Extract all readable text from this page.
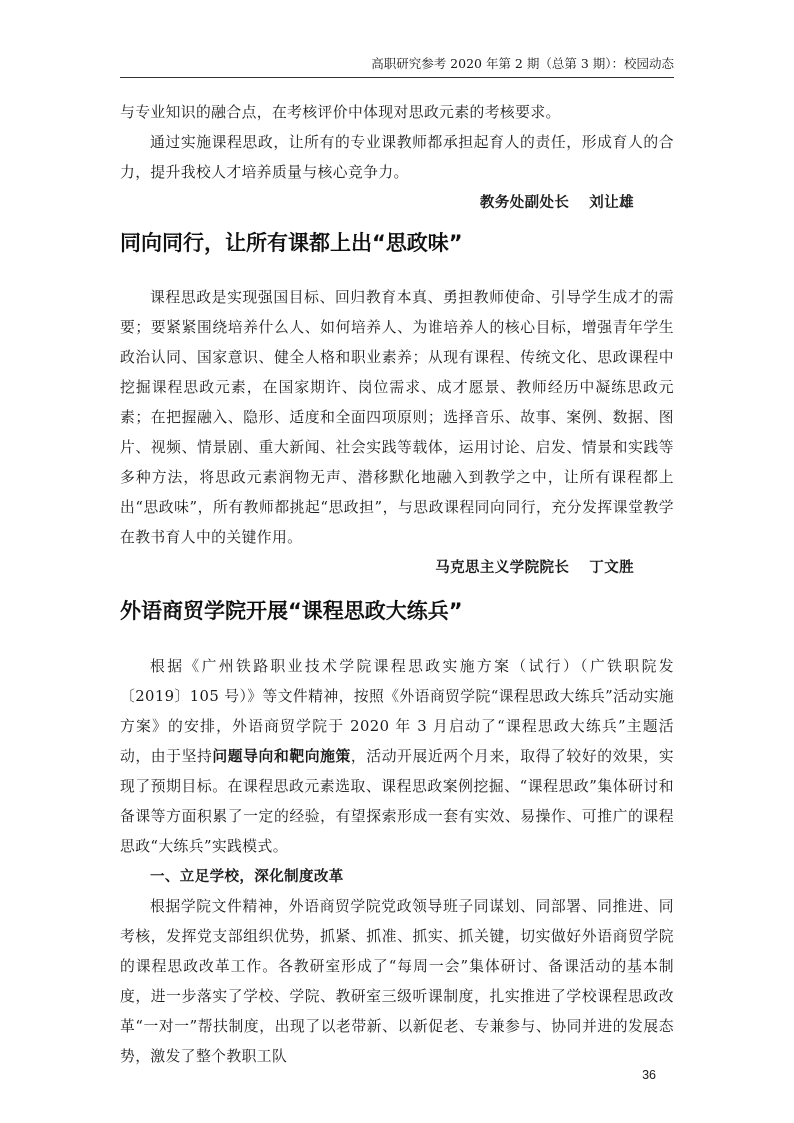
高职研究参考 2020 年第 2 期（总第 3 期）：校园动态

与专业知识的融合点，在考核评价中体现对思政元素的考核要求。

通过实施课程思政，让所有的专业课教师都承担起育人的责任，形成育人的合力，提升我校人才培养质量与核心竞争力。

教务处副处长 刘让雄
同向同行，让所有课都上出“思政味”

课程思政是实现强国目标、回归教育本真、勇担教师使命、引导学生成才的需要；要紧紧围绕培养什么人、如何培养人、为谁培养人的核心目标，增强青年学生政治认同、国家意识、健全人格和职业素养；从现有课程、传统文化、思政课程中挖掘课程思政元素，在国家期许、岗位需求、成才愿景、教师经历中凝练思政元素；在把握融入、隐形、适度和全面四项原则；选择音乐、故事、案例、数据、图片、视频、情景剧、重大新闻、社会实践等载体，运用讨论、启发、情景和实践等多种方法，将思政元素润物无声、潜移默化地融入到教学之中，让所有课程都上出“思政味”，所有教师都挑起“思政担”，与思政课程同向同行，充分发挥课堂教学在教书育人中的关键作用。

马克思主义学院院长 丁文胜
外语商贸学院开展“课程思政大练兵”

根据《广州铁路职业技术学院课程思政实施方案（试行）（广铁职院发〔2019〕105 号）》等文件精神，按照《外语商贸学院“课程思政大练兵”活动实施方案》的安排，外语商贸学院于 2020 年 3 月启动了“课程思政大练兵”主题活动，由于坚持问题导向和靶向施策，活动开展近两个月来，取得了较好的效果，实现了预期目标。在课程思政元素选取、课程思政案例挖掘、“课程思政”集体研讨和备课等方面积累了一定的经验，有望探索形成一套有实效、易操作、可推广的课程思政“大练兵”实践模式。

一、立足学校，深化制度改革

根据学院文件精神，外语商贸学院党政领导班子同谋划、同部署、同推进、同考核，发挥党支部组织优势，抓紧、抓准、抓实、抓关键，切实做好外语商贸学院的课程思政改革工作。各教研室形成了“每周一会”集体研讨、备课活动的基本制度，进一步落实了学校、学院、教研室三级听课制度，扎实推进了学校课程思政改革“一对一”帮扶制度，出现了以老带新、以新促老、专兼参与、协同并进的发展态势，激发了整个教职工队

36
